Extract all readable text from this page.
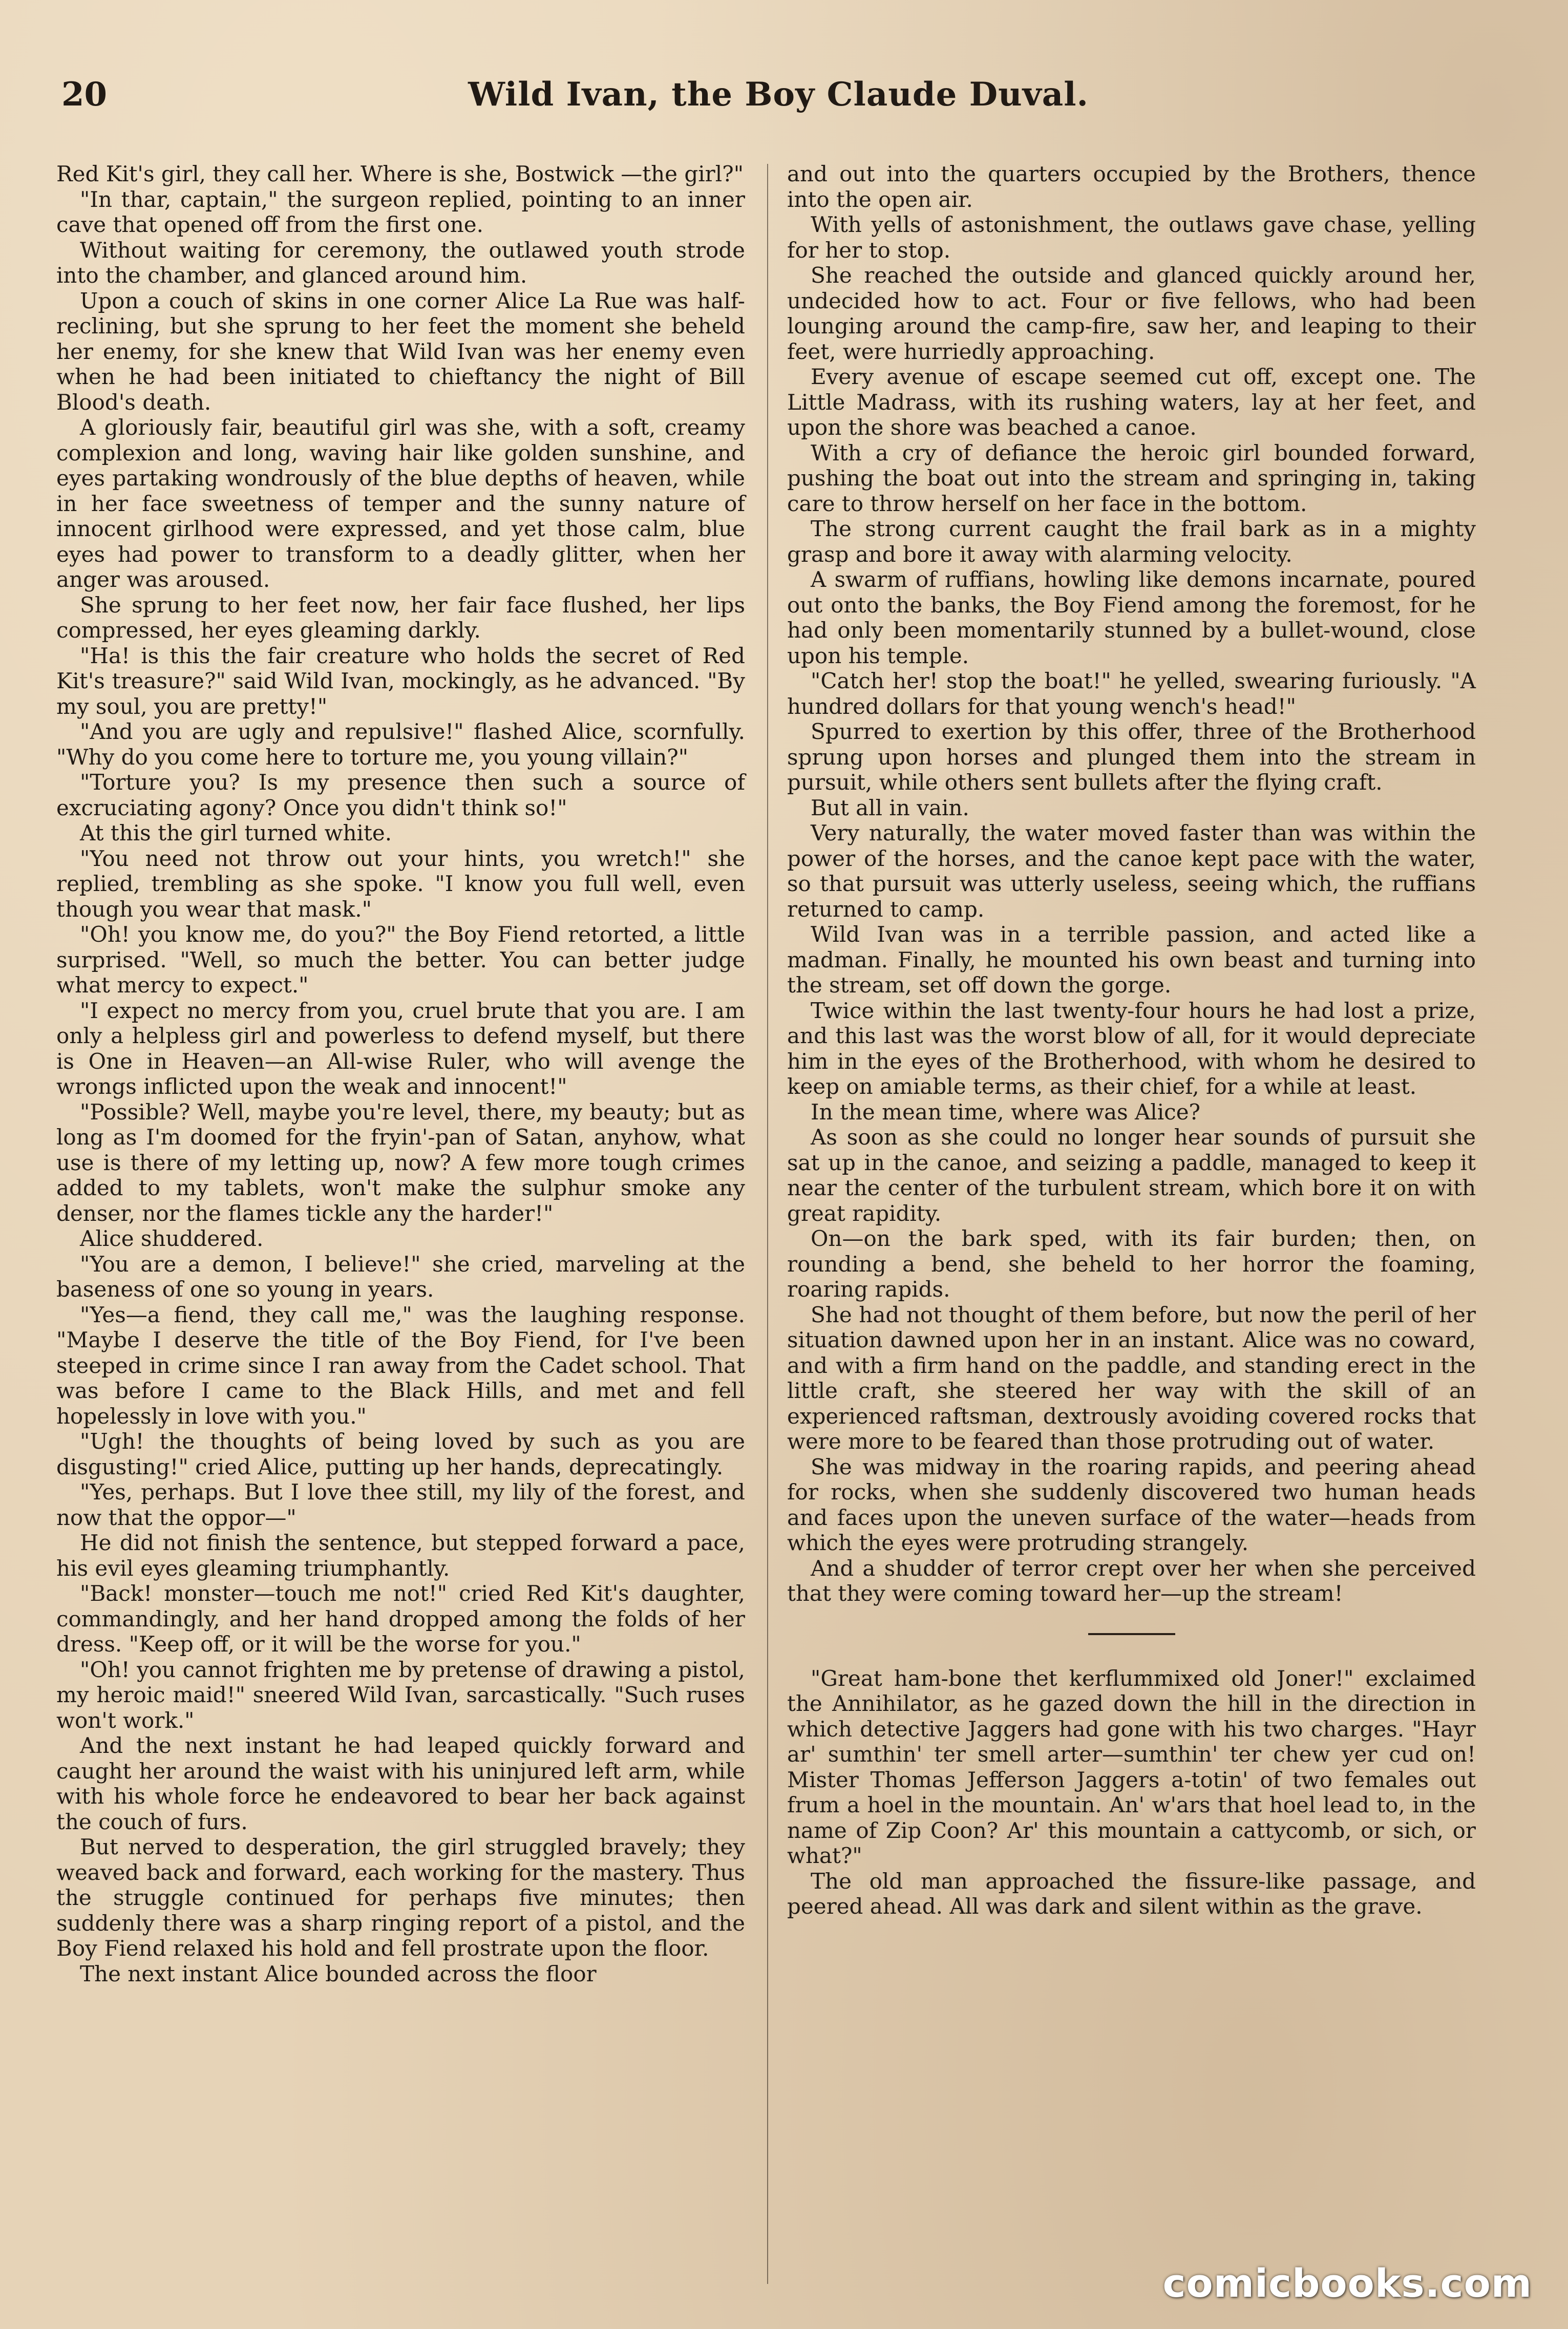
20	Wild Ivan, the Boy Claude Duval.

Red Kit's girl, they call her. Where is she, Bostwick —the girl?"

"In thar, captain," the surgeon replied, pointing to an inner cave that opened off from the first one.

Without waiting for ceremony, the outlawed youth strode into the chamber, and glanced around him.

Upon a couch of skins in one corner Alice La Rue was half-reclining, but she sprung to her feet the moment she beheld her enemy, for she knew that Wild Ivan was her enemy even when he had been initiated to chieftancy the night of Bill Blood's death.

A gloriously fair, beautiful girl was she, with a soft, creamy complexion and long, waving hair like golden sunshine, and eyes partaking wondrously of the blue depths of heaven, while in her face sweetness of temper and the sunny nature of innocent girlhood were expressed, and yet those calm, blue eyes had power to transform to a deadly glitter, when her anger was aroused.

She sprung to her feet now, her fair face flushed, her lips compressed, her eyes gleaming darkly.

"Ha! is this the fair creature who holds the secret of Red Kit's treasure?" said Wild Ivan, mockingly, as he advanced. "By my soul, you are pretty!"

"And you are ugly and repulsive!" flashed Alice, scornfully. "Why do you come here to torture me, you young villain?"

"Torture you? Is my presence then such a source of excruciating agony? Once you didn't think so!"

At this the girl turned white.

"You need not throw out your hints, you wretch!" she replied, trembling as she spoke. "I know you full well, even though you wear that mask."

"Oh! you know me, do you?" the Boy Fiend retorted, a little surprised. "Well, so much the better. You can better judge what mercy to expect."

"I expect no mercy from you, cruel brute that you are. I am only a helpless girl and powerless to defend myself, but there is One in Heaven—an All-wise Ruler, who will avenge the wrongs inflicted upon the weak and innocent!"

"Possible? Well, maybe you're level, there, my beauty; but as long as I'm doomed for the fryin'-pan of Satan, anyhow, what use is there of my letting up, now? A few more tough crimes added to my tablets, won't make the sulphur smoke any denser, nor the flames tickle any the harder!"

Alice shuddered.

"You are a demon, I believe!" she cried, marveling at the baseness of one so young in years.

"Yes—a fiend, they call me," was the laughing response. "Maybe I deserve the title of the Boy Fiend, for I've been steeped in crime since I ran away from the Cadet school. That was before I came to the Black Hills, and met and fell hopelessly in love with you."

"Ugh! the thoughts of being loved by such as you are disgusting!" cried Alice, putting up her hands, deprecatingly.

"Yes, perhaps. But I love thee still, my lily of the forest, and now that the oppor—"

He did not finish the sentence, but stepped forward a pace, his evil eyes gleaming triumphantly.

"Back! monster—touch me not!" cried Red Kit's daughter, commandingly, and her hand dropped among the folds of her dress. "Keep off, or it will be the worse for you."

"Oh! you cannot frighten me by pretense of drawing a pistol, my heroic maid!" sneered Wild Ivan, sarcastically. "Such ruses won't work."

And the next instant he had leaped quickly forward and caught her around the waist with his uninjured left arm, while with his whole force he endeavored to bear her back against the couch of furs.

But nerved to desperation, the girl struggled bravely; they weaved back and forward, each working for the mastery. Thus the struggle continued for perhaps five minutes; then suddenly there was a sharp ringing report of a pistol, and the Boy Fiend relaxed his hold and fell prostrate upon the floor.

The next instant Alice bounded across the floor

and out into the quarters occupied by the Brothers, thence into the open air.

With yells of astonishment, the outlaws gave chase, yelling for her to stop.

She reached the outside and glanced quickly around her, undecided how to act. Four or five fellows, who had been lounging around the camp-fire, saw her, and leaping to their feet, were hurriedly approaching.

Every avenue of escape seemed cut off, except one. The Little Madrass, with its rushing waters, lay at her feet, and upon the shore was beached a canoe.

With a cry of defiance the heroic girl bounded forward, pushing the boat out into the stream and springing in, taking care to throw herself on her face in the bottom.

The strong current caught the frail bark as in a mighty grasp and bore it away with alarming velocity.

A swarm of ruffians, howling like demons incarnate, poured out onto the banks, the Boy Fiend among the foremost, for he had only been momentarily stunned by a bullet-wound, close upon his temple.

"Catch her! stop the boat!" he yelled, swearing furiously. "A hundred dollars for that young wench's head!"

Spurred to exertion by this offer, three of the Brotherhood sprung upon horses and plunged them into the stream in pursuit, while others sent bullets after the flying craft.

But all in vain.

Very naturally, the water moved faster than was within the power of the horses, and the canoe kept pace with the water, so that pursuit was utterly useless, seeing which, the ruffians returned to camp.

Wild Ivan was in a terrible passion, and acted like a madman. Finally, he mounted his own beast and turning into the stream, set off down the gorge.

Twice within the last twenty-four hours he had lost a prize, and this last was the worst blow of all, for it would depreciate him in the eyes of the Brotherhood, with whom he desired to keep on amiable terms, as their chief, for a while at least.

In the mean time, where was Alice?

As soon as she could no longer hear sounds of pursuit she sat up in the canoe, and seizing a paddle, managed to keep it near the center of the turbulent stream, which bore it on with great rapidity.

On—on the bark sped, with its fair burden; then, on rounding a bend, she beheld to her horror the foaming, roaring rapids.

She had not thought of them before, but now the peril of her situation dawned upon her in an instant. Alice was no coward, and with a firm hand on the paddle, and standing erect in the little craft, she steered her way with the skill of an experienced raftsman, dextrously avoiding covered rocks that were more to be feared than those protruding out of water.

She was midway in the roaring rapids, and peering ahead for rocks, when she suddenly discovered two human heads and faces upon the uneven surface of the water—heads from which the eyes were protruding strangely.

And a shudder of terror crept over her when she perceived that they were coming toward her—up the stream!

"Great ham-bone thet kerflummixed old Joner!" exclaimed the Annihilator, as he gazed down the hill in the direction in which detective Jaggers had gone with his two charges. "Hayr ar' sumthin' ter smell arter—sumthin' ter chew yer cud on! Mister Thomas Jefferson Jaggers a-totin' of two females out frum a hoel in the mountain. An' w'ars that hoel lead to, in the name of Zip Coon? Ar' this mountain a cattycomb, or sich, or what?"

The old man approached the fissure-like passage, and peered ahead. All was dark and silent within as the grave.

comicbooks.com
